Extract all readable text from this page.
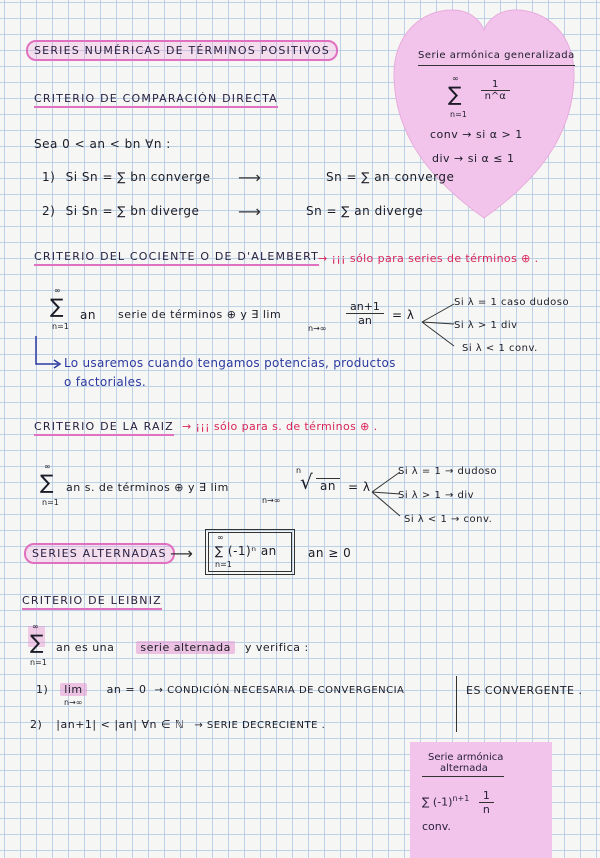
Serie armónica generalizada
∞
∑
n=1
$\frac{1}{n\^{}\alpha}$
conv → si α > 1
div → si α ≤ 1
SERIES NUMÉRICAS DE TÉRMINOS POSITIVOS
CRITERIO DE COMPARACIÓN DIRECTA
Sea 0 < an < bn ∀n :
1) Si Sn = ∑ bn converge ⟶	Sn = ∑ an converge
2) Si Sn = ∑ bn diverge ⟶	Sn = ∑ an diverge
CRITERIO DEL COCIENTE O DE D'ALEMBERT
→ ¡¡¡ sólo para series de términos ⊕ .
∞
∑
n=1
an serie de términos ⊕ y ∃ lim
n→∞
$\frac{an+1}{an} = \lambda$
Si λ = 1 caso dudoso
Si λ > 1 div
Si λ < 1 conv.
Lo usaremos cuando tengamos potencias, productos
o factoriales.
CRITERIO DE LA RAIZ → ¡¡¡ sólo para s. de términos ⊕ .
∞
∑
n=1
an s. de términos ⊕ y ∃ lim
n→∞
n
√ an	= λ
Si λ = 1 → dudoso
Si λ > 1 → div
Si λ < 1 → conv.
SERIES ALTERNADAS ⟶
∞
∑ (-1)ⁿ an
n=1
an ≥ 0
CRITERIO DE LEIBNIZ
∞
∑
n=1
an es una serie alternada y verifica :
1) lim an = 0 → CONDICIÓN NECESARIA DE CONVERGENCIA
n→∞
2) |an+1| < |an| ∀n ∈ ℕ → SERIE DECRECIENTE .
ES CONVERGENTE .
Serie armónica
alternada
∑ $(-1)^{n+1} \frac{1}{n}$
conv.
